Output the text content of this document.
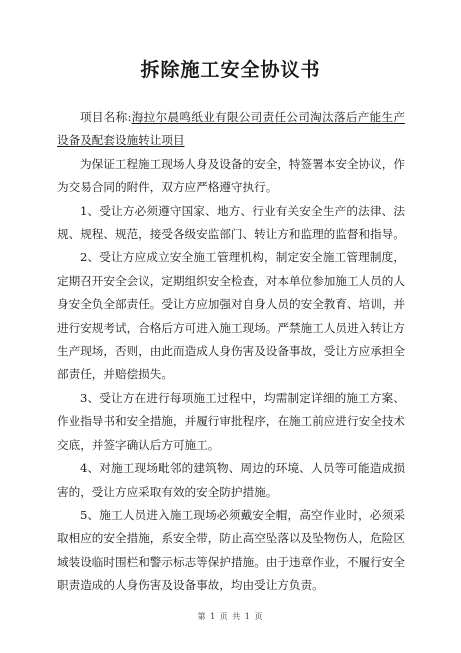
拆除施工安全协议书

项目名称:海拉尔晨鸣纸业有限公司责任公司淘汰落后产能生产设备及配套设施转让项目

为保证工程施工现场人身及设备的安全，特签署本安全协议，作为交易合同的附件，双方应严格遵守执行。

1、受让方必须遵守国家、地方、行业有关安全生产的法律、法规、规程、规范，接受各级安监部门、转让方和监理的监督和指导。

2、受让方应成立安全施工管理机构，制定安全施工管理制度，定期召开安全会议，定期组织安全检查，对本单位参加施工人员的人身安全负全部责任。受让方应加强对自身人员的安全教育、培训，并进行安规考试，合格后方可进入施工现场。严禁施工人员进入转让方生产现场，否则，由此而造成人身伤害及设备事故，受让方应承担全部责任，并赔偿损失。

3、受让方在进行每项施工过程中，均需制定详细的施工方案、作业指导书和安全措施，并履行审批程序，在施工前应进行安全技术交底，并签字确认后方可施工。

4、对施工现场毗邻的建筑物、周边的环境、人员等可能造成损害的，受让方应采取有效的安全防护措施。

5、施工人员进入施工现场必须戴安全帽，高空作业时，必须采取相应的安全措施，系安全带，防止高空坠落以及坠物伤人，危险区域装设临时围栏和警示标志等保护措施。由于违章作业，不履行安全职责造成的人身伤害及设备事故，均由受让方负责。

第 1 页 共 1 页
